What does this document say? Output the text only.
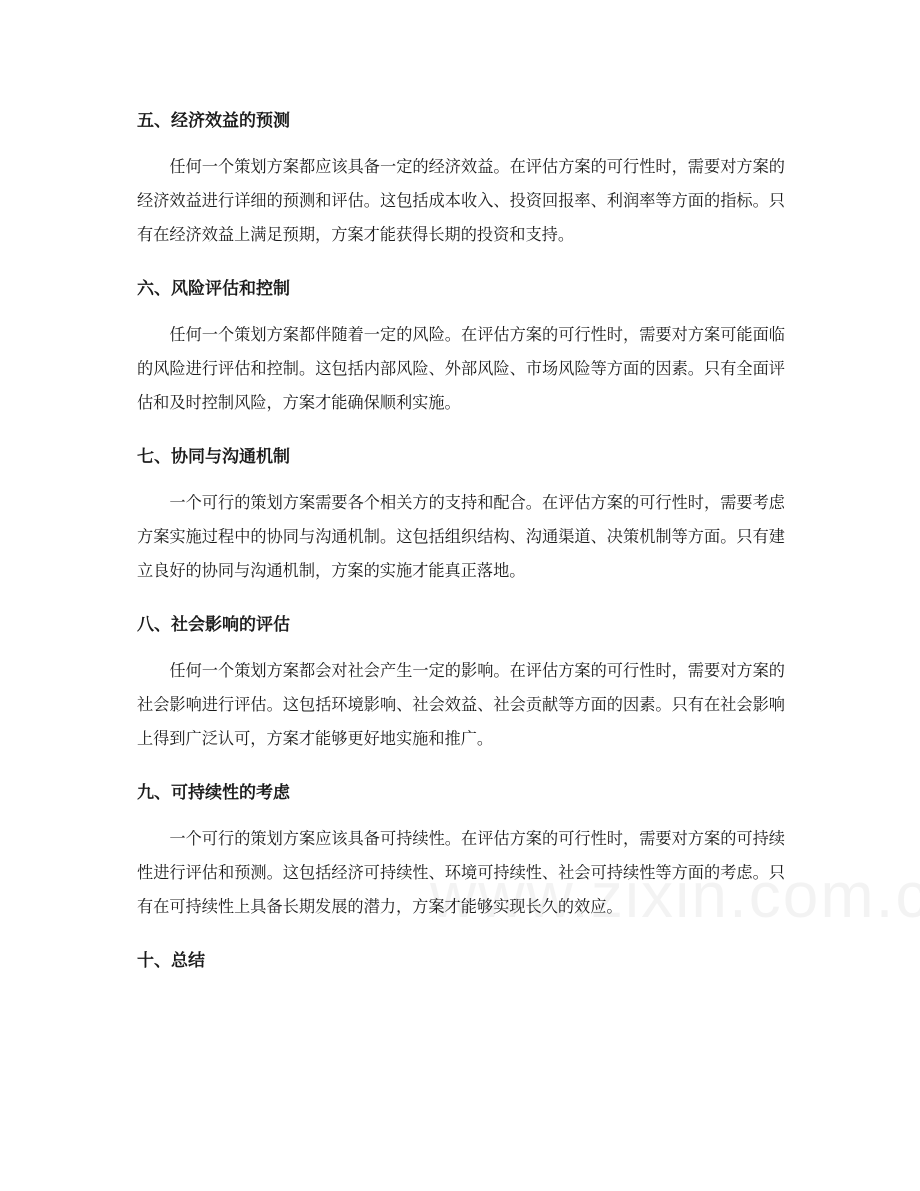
五、经济效益的预测

任何一个策划方案都应该具备一定的经济效益。在评估方案的可行性时，需要对方案的经济效益进行详细的预测和评估。这包括成本收入、投资回报率、利润率等方面的指标。只有在经济效益上满足预期，方案才能获得长期的投资和支持。

六、风险评估和控制

任何一个策划方案都伴随着一定的风险。在评估方案的可行性时，需要对方案可能面临的风险进行评估和控制。这包括内部风险、外部风险、市场风险等方面的因素。只有全面评估和及时控制风险，方案才能确保顺利实施。

七、协同与沟通机制

一个可行的策划方案需要各个相关方的支持和配合。在评估方案的可行性时，需要考虑方案实施过程中的协同与沟通机制。这包括组织结构、沟通渠道、决策机制等方面。只有建立良好的协同与沟通机制，方案的实施才能真正落地。

八、社会影响的评估

任何一个策划方案都会对社会产生一定的影响。在评估方案的可行性时，需要对方案的社会影响进行评估。这包括环境影响、社会效益、社会贡献等方面的因素。只有在社会影响上得到广泛认可，方案才能够更好地实施和推广。

九、可持续性的考虑

一个可行的策划方案应该具备可持续性。在评估方案的可行性时，需要对方案的可持续性进行评估和预测。这包括经济可持续性、环境可持续性、社会可持续性等方面的考虑。只有在可持续性上具备长期发展的潜力，方案才能够实现长久的效应。

十、总结
